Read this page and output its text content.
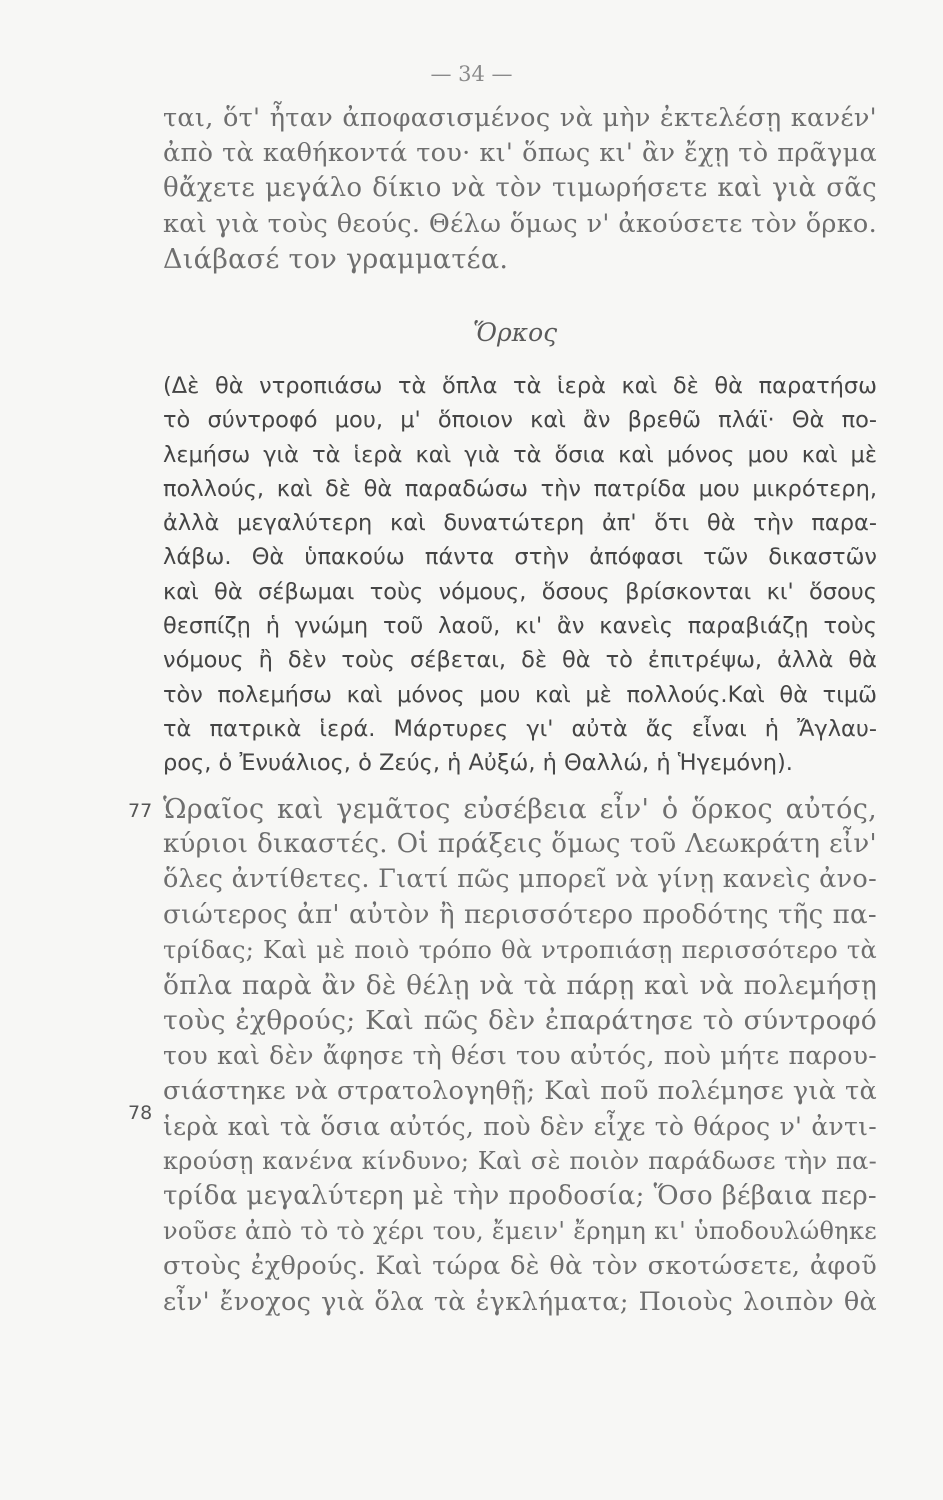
— 34 —
ται, ὅτ' ἦταν ἀποφασισμένος νὰ μὴν ἐκτελέσῃ κανέν'
ἀπὸ τὰ καθήκοντά του· κι' ὅπως κι' ἂν ἔχῃ τὸ πρᾶγμα
θἄχετε μεγάλο δίκιο νὰ τὸν τιμωρήσετε καὶ γιὰ σᾶς
καὶ γιὰ τοὺς θεούς. Θέλω ὅμως ν' ἀκούσετε τὸν ὅρκο.
Διάβασέ τον γραμματέα.
Ὅρκος
(Δὲ θὰ ντροπιάσω τὰ ὅπλα τὰ ἱερὰ καὶ δὲ θὰ παρατήσω
τὸ σύντροφό μου, μ' ὅποιον καὶ ἂν βρεθῶ πλάϊ· Θὰ πο-
λεμήσω γιὰ τὰ ἱερὰ καὶ γιὰ τὰ ὅσια καὶ μόνος μου καὶ μὲ
πολλούς, καὶ δὲ θὰ παραδώσω τὴν πατρίδα μου μικρότερη,
ἀλλὰ μεγαλύτερη καὶ δυνατώτερη ἀπ' ὅτι θὰ τὴν παρα-
λάβω. Θὰ ὑπακούω πάντα στὴν ἀπόφασι τῶν δικαστῶν
καὶ θὰ σέβωμαι τοὺς νόμους, ὅσους βρίσκονται κι' ὅσους
θεσπίζῃ ἡ γνώμη τοῦ λαοῦ, κι' ἂν κανεὶς παραβιάζῃ τοὺς
νόμους ἢ δὲν τοὺς σέβεται, δὲ θὰ τὸ ἐπιτρέψω, ἀλλὰ θὰ
τὸν πολεμήσω καὶ μόνος μου καὶ μὲ πολλούς.Καὶ θὰ τιμῶ
τὰ πατρικὰ ἱερά. Μάρτυρες γι' αὐτὰ ἄς εἶναι ἡ Ἄγλαυ-
ρος, ὁ Ἐνυάλιος, ὁ Ζεύς, ἡ Αὐξώ, ἡ Θαλλώ, ἡ Ἡγεμόνη).
77
78
Ὡραῖος καὶ γεμᾶτος εὐσέβεια εἶν' ὁ ὅρκος αὐτός,
κύριοι δικαστές. Οἱ πράξεις ὅμως τοῦ Λεωκράτη εἶν'
ὅλες ἀντίθετες. Γιατί πῶς μπορεῖ νὰ γίνῃ κανεὶς ἀνο-
σιώτερος ἀπ' αὐτὸν ἢ περισσότερο προδότης τῆς πα-
τρίδας; Καὶ μὲ ποιὸ τρόπο θὰ ντροπιάσῃ περισσότερο τὰ
ὅπλα παρὰ ἂν δὲ θέλῃ νὰ τὰ πάρῃ καὶ νὰ πολεμήσῃ
τοὺς ἐχθρούς; Καὶ πῶς δὲν ἐπαράτησε τὸ σύντροφό
του καὶ δὲν ἄφησε τὴ θέσι του αὐτός, ποὺ μήτε παρου-
σιάστηκε νὰ στρατολογηθῇ; Καὶ ποῦ πολέμησε γιὰ τὰ
ἱερὰ καὶ τὰ ὅσια αὐτός, ποὺ δὲν εἶχε τὸ θάρος ν' ἀντι-
κρούσῃ κανένα κίνδυνο; Καὶ σὲ ποιὸν παράδωσε τὴν πα-
τρίδα μεγαλύτερη μὲ τὴν προδοσία; Ὅσο βέβαια περ-
νοῦσε ἀπὸ τὸ τὸ χέρι του, ἔμειν' ἔρημη κι' ὑποδουλώθηκε
στοὺς ἐχθρούς. Καὶ τώρα δὲ θὰ τὸν σκοτώσετε, ἀφοῦ
εἶν' ἔνοχος γιὰ ὅλα τὰ ἐγκλήματα; Ποιοὺς λοιπὸν θὰ
